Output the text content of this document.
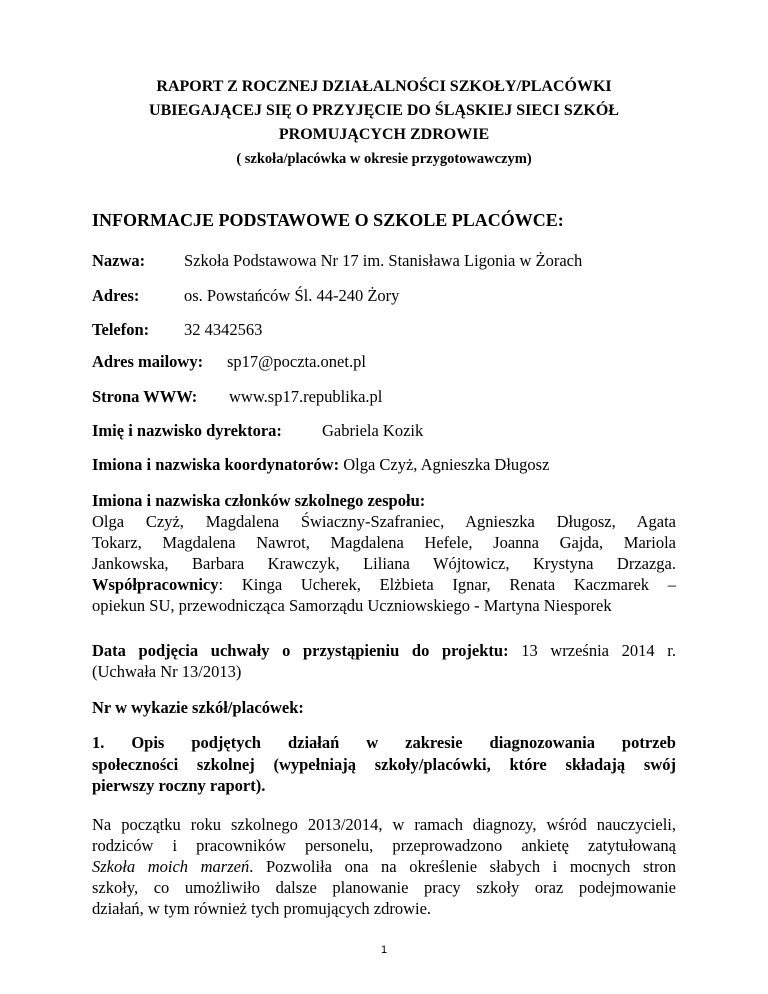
RAPORT Z ROCZNEJ DZIAŁALNOŚCI SZKOŁY/PLACÓWKI
UBIEGAJĄCEJ SIĘ O PRZYJĘCIE DO ŚLĄSKIEJ SIECI SZKÓŁ
PROMUJĄCYCH ZDROWIE
( szkoła/placówka w okresie przygotowawczym)
INFORMACJE PODSTAWOWE O SZKOLE PLACÓWCE:
Nazwa: Szkoła Podstawowa Nr 17 im. Stanisława Ligonia w Żorach
Adres:	os. Powstańców Śl. 44-240 Żory
Telefon: 32 4342563
Adres mailowy: sp17@poczta.onet.pl
Strona WWW: www.sp17.republika.pl
Imię i nazwisko dyrektora: Gabriela Kozik
Imiona i nazwiska koordynatorów: Olga Czyż, Agnieszka Długosz
Imiona i nazwiska członków szkolnego zespołu:
Olga Czyż, Magdalena Świaczny-Szafraniec, Agnieszka Długosz, Agata
Tokarz, Magdalena Nawrot, Magdalena Hefele, Joanna Gajda, Mariola
Jankowska, Barbara Krawczyk, Liliana Wójtowicz, Krystyna Drzazga.
Współpracownicy: Kinga Ucherek, Elżbieta Ignar, Renata Kaczmarek –
opiekun SU, przewodnicząca Samorządu Uczniowskiego - Martyna Niesporek
Data podjęcia uchwały o przystąpieniu do projektu: 13 września 2014 r.
(Uchwała Nr 13/2013)
Nr w wykazie szkół/placówek:
1. Opis podjętych działań w zakresie diagnozowania potrzeb
społeczności szkolnej (wypełniają szkoły/placówki, które składają swój
pierwszy roczny raport).
Na początku roku szkolnego 2013/2014, w ramach diagnozy, wśród nauczycieli,
rodziców i pracowników personelu, przeprowadzono ankietę zatytułowaną
Szkoła moich marzeń. Pozwoliła ona na określenie słabych i mocnych stron
szkoły, co umożliwiło dalsze planowanie pracy szkoły oraz podejmowanie
działań, w tym również tych promujących zdrowie.
1
